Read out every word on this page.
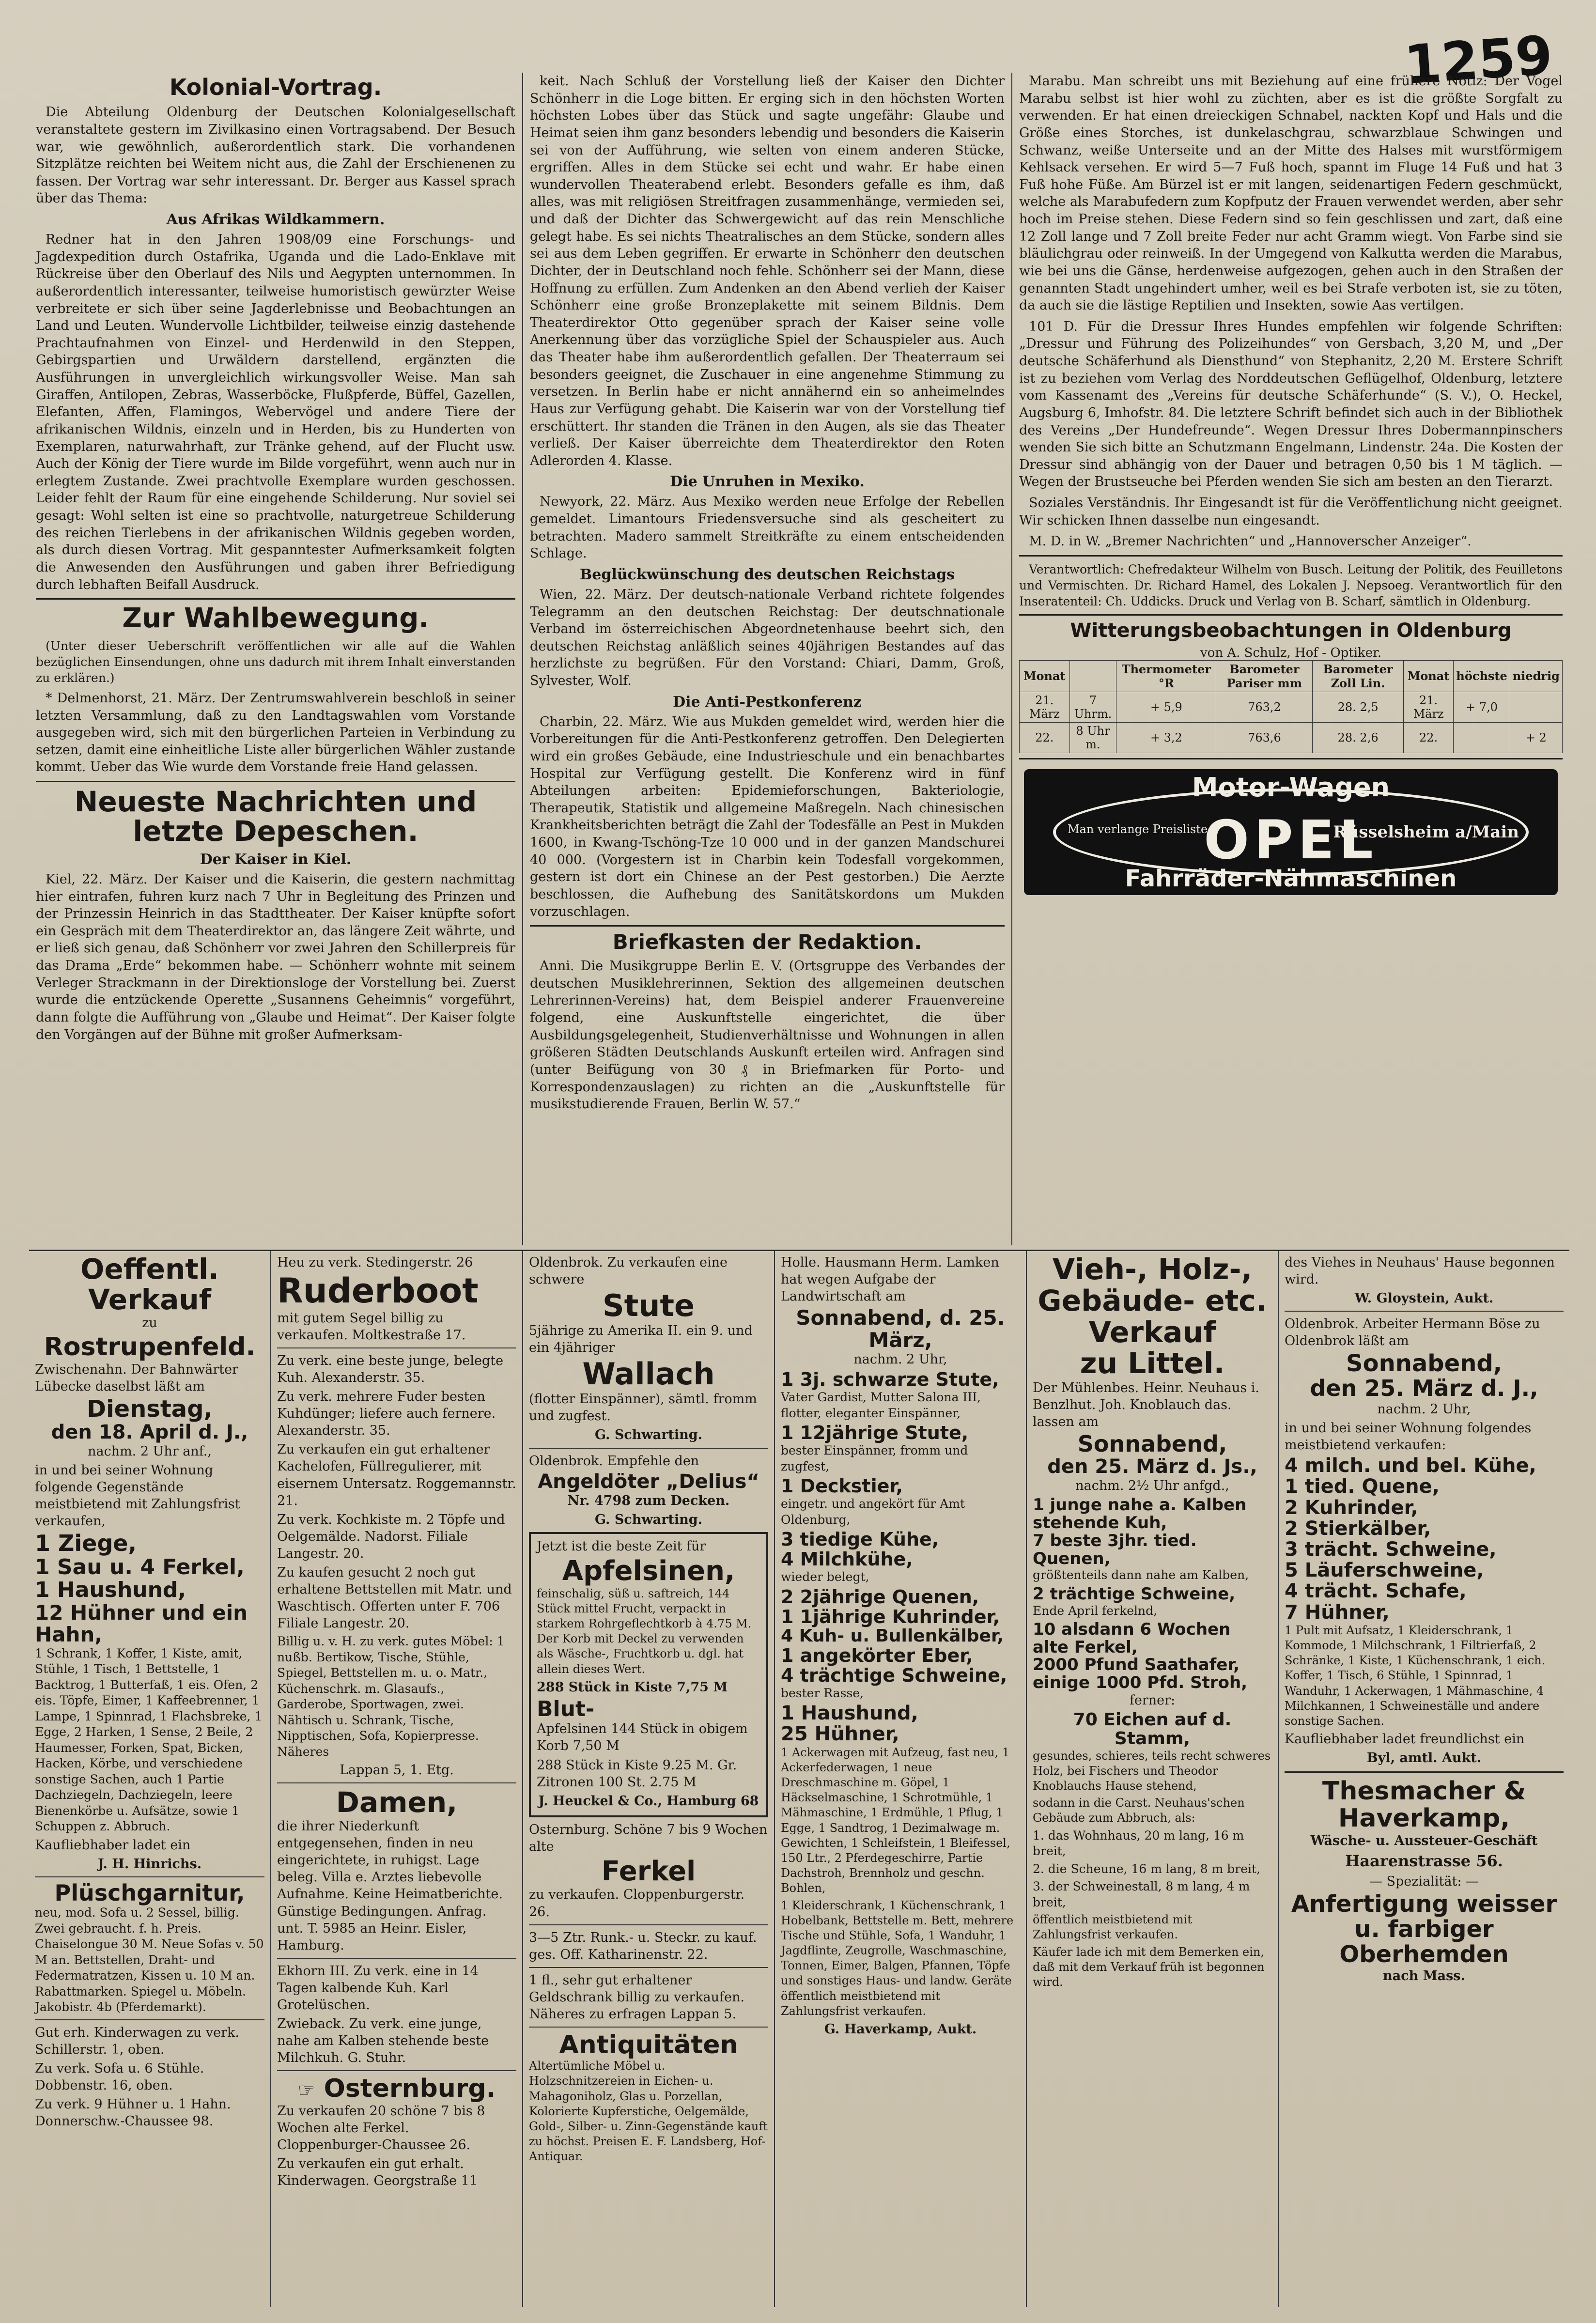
1259
Kolonial-Vortrag.

Die Abteilung Oldenburg der Deutschen Kolonialgesellschaft veranstaltete gestern im Zivilkasino einen Vortragsabend. Der Besuch war, wie gewöhnlich, außerordentlich stark. Die vorhandenen Sitzplätze reichten bei Weitem nicht aus, die Zahl der Erschienenen zu fassen. Der Vortrag war sehr interessant. Dr. Berger aus Kassel sprach über das Thema:

Aus Afrikas Wildkammern.

Redner hat in den Jahren 1908/09 eine Forschungs- und Jagdexpedition durch Ostafrika, Uganda und die Lado-Enklave mit Rückreise über den Oberlauf des Nils und Aegypten unternommen. In außerordentlich interessanter, teilweise humoristisch gewürzter Weise verbreitete er sich über seine Jagderlebnisse und Beobachtungen an Land und Leuten. Wundervolle Lichtbilder, teilweise einzig dastehende Prachtaufnahmen von Einzel- und Herdenwild in den Steppen, Gebirgspartien und Urwäldern darstellend, ergänzten die Ausführungen in unvergleichlich wirkungsvoller Weise. Man sah Giraffen, Antilopen, Zebras, Wasserböcke, Flußpferde, Büffel, Gazellen, Elefanten, Affen, Flamingos, Webervögel und andere Tiere der afrikanischen Wildnis, einzeln und in Herden, bis zu Hunderten von Exemplaren, naturwahrhaft, zur Tränke gehend, auf der Flucht usw. Auch der König der Tiere wurde im Bilde vorgeführt, wenn auch nur in erlegtem Zustande. Zwei prachtvolle Exemplare wurden geschossen. Leider fehlt der Raum für eine eingehende Schilderung. Nur soviel sei gesagt: Wohl selten ist eine so prachtvolle, naturgetreue Schilderung des reichen Tierlebens in der afrikanischen Wildnis gegeben worden, als durch diesen Vortrag. Mit gespanntester Aufmerksamkeit folgten die Anwesenden den Ausführungen und gaben ihrer Befriedigung durch lebhaften Beifall Ausdruck.

Zur Wahlbewegung.

(Unter dieser Ueberschrift veröffentlichen wir alle auf die Wahlen bezüglichen Einsendungen, ohne uns dadurch mit ihrem Inhalt einverstanden zu erklären.)

* Delmenhorst, 21. März. Der Zentrumswahlverein beschloß in seiner letzten Versammlung, daß zu den Landtagswahlen vom Vorstande ausgegeben wird, sich mit den bürgerlichen Parteien in Verbindung zu setzen, damit eine einheitliche Liste aller bürgerlichen Wähler zustande kommt. Ueber das Wie wurde dem Vorstande freie Hand gelassen.

Neueste Nachrichten und letzte Depeschen.
Der Kaiser in Kiel.

Kiel, 22. März. Der Kaiser und die Kaiserin, die gestern nachmittag hier eintrafen, fuhren kurz nach 7 Uhr in Begleitung des Prinzen und der Prinzessin Heinrich in das Stadttheater. Der Kaiser knüpfte sofort ein Gespräch mit dem Theaterdirektor an, das längere Zeit währte, und er ließ sich genau, daß Schönherr vor zwei Jahren den Schillerpreis für das Drama „Erde“ bekommen habe. — Schönherr wohnte mit seinem Verleger Strackmann in der Direktionsloge der Vorstellung bei. Zuerst wurde die entzückende Operette „Susannens Geheimnis“ vorgeführt, dann folgte die Aufführung von „Glaube und Heimat“. Der Kaiser folgte den Vorgängen auf der Bühne mit großer Aufmerksam-

keit. Nach Schluß der Vorstellung ließ der Kaiser den Dichter Schönherr in die Loge bitten. Er erging sich in den höchsten Worten höchsten Lobes über das Stück und sagte ungefähr: Glaube und Heimat seien ihm ganz besonders lebendig und besonders die Kaiserin sei von der Aufführung, wie selten von einem anderen Stücke, ergriffen. Alles in dem Stücke sei echt und wahr. Er habe einen wundervollen Theaterabend erlebt. Besonders gefalle es ihm, daß alles, was mit religiösen Streitfragen zusammenhänge, vermieden sei, und daß der Dichter das Schwergewicht auf das rein Menschliche gelegt habe. Es sei nichts Theatralisches an dem Stücke, sondern alles sei aus dem Leben gegriffen. Er erwarte in Schönherr den deutschen Dichter, der in Deutschland noch fehle. Schönherr sei der Mann, diese Hoffnung zu erfüllen. Zum Andenken an den Abend verlieh der Kaiser Schönherr eine große Bronzeplakette mit seinem Bildnis. Dem Theaterdirektor Otto gegenüber sprach der Kaiser seine volle Anerkennung über das vorzügliche Spiel der Schauspieler aus. Auch das Theater habe ihm außerordentlich gefallen. Der Theaterraum sei besonders geeignet, die Zuschauer in eine angenehme Stimmung zu versetzen. In Berlin habe er nicht annähernd ein so anheimelndes Haus zur Verfügung gehabt. Die Kaiserin war von der Vorstellung tief erschüttert. Ihr standen die Tränen in den Augen, als sie das Theater verließ. Der Kaiser überreichte dem Theaterdirektor den Roten Adlerorden 4. Klasse.

Die Unruhen in Mexiko.

Newyork, 22. März. Aus Mexiko werden neue Erfolge der Rebellen gemeldet. Limantours Friedensversuche sind als gescheitert zu betrachten. Madero sammelt Streitkräfte zu einem entscheidenden Schlage.

Beglückwünschung des deutschen Reichstags

Wien, 22. März. Der deutsch-nationale Verband richtete folgendes Telegramm an den deutschen Reichstag: Der deutschnationale Verband im österreichischen Abgeordnetenhause beehrt sich, den deutschen Reichstag anläßlich seines 40jährigen Bestandes auf das herzlichste zu begrüßen. Für den Vorstand: Chiari, Damm, Groß, Sylvester, Wolf.

Die Anti-Pestkonferenz

Charbin, 22. März. Wie aus Mukden gemeldet wird, werden hier die Vorbereitungen für die Anti-Pestkonferenz getroffen. Den Delegierten wird ein großes Gebäude, eine Industrieschule und ein benachbartes Hospital zur Verfügung gestellt. Die Konferenz wird in fünf Abteilungen arbeiten: Epidemieforschungen, Bakteriologie, Therapeutik, Statistik und allgemeine Maßregeln. Nach chinesischen Krankheitsberichten beträgt die Zahl der Todesfälle an Pest in Mukden 1600, in Kwang-Tschöng-Tze 10 000 und in der ganzen Mandschurei 40 000. (Vorgestern ist in Charbin kein Todesfall vorgekommen, gestern ist dort ein Chinese an der Pest gestorben.) Die Aerzte beschlossen, die Aufhebung des Sanitätskordons um Mukden vorzuschlagen.

Briefkasten der Redaktion.

Anni. Die Musikgruppe Berlin E. V. (Ortsgruppe des Verbandes der deutschen Musiklehrerinnen, Sektion des allgemeinen deutschen Lehrerinnen-Vereins) hat, dem Beispiel anderer Frauenvereine folgend, eine Auskunftstelle eingerichtet, die über Ausbildungsgelegenheit, Studienverhältnisse und Wohnungen in allen größeren Städten Deutschlands Auskunft erteilen wird. Anfragen sind (unter Beifügung von 30 ₰ in Briefmarken für Porto- und Korrespondenzauslagen) zu richten an die „Auskunftstelle für musikstudierende Frauen, Berlin W. 57.“

Marabu. Man schreibt uns mit Beziehung auf eine frühere Notiz: Der Vogel Marabu selbst ist hier wohl zu züchten, aber es ist die größte Sorgfalt zu verwenden. Er hat einen dreieckigen Schnabel, nackten Kopf und Hals und die Größe eines Storches, ist dunkelaschgrau, schwarzblaue Schwingen und Schwanz, weiße Unterseite und an der Mitte des Halses mit wurstförmigem Kehlsack versehen. Er wird 5—7 Fuß hoch, spannt im Fluge 14 Fuß und hat 3 Fuß hohe Füße. Am Bürzel ist er mit langen, seidenartigen Federn geschmückt, welche als Marabufedern zum Kopfputz der Frauen verwendet werden, aber sehr hoch im Preise stehen. Diese Federn sind so fein geschlissen und zart, daß eine 12 Zoll lange und 7 Zoll breite Feder nur acht Gramm wiegt. Von Farbe sind sie bläulichgrau oder reinweiß. In der Umgegend von Kalkutta werden die Marabus, wie bei uns die Gänse, herdenweise aufgezogen, gehen auch in den Straßen der genannten Stadt ungehindert umher, weil es bei Strafe verboten ist, sie zu töten, da auch sie die lästige Reptilien und Insekten, sowie Aas vertilgen.

101 D. Für die Dressur Ihres Hundes empfehlen wir folgende Schriften: „Dressur und Führung des Polizeihundes“ von Gersbach, 3,20 M, und „Der deutsche Schäferhund als Diensthund“ von Stephanitz, 2,20 M. Erstere Schrift ist zu beziehen vom Verlag des Norddeutschen Geflügelhof, Oldenburg, letztere vom Kassenamt des „Vereins für deutsche Schäferhunde“ (S. V.), O. Heckel, Augsburg 6, Imhofstr. 84. Die letztere Schrift befindet sich auch in der Bibliothek des Vereins „Der Hundefreunde“. Wegen Dressur Ihres Dobermannpinschers wenden Sie sich bitte an Schutzmann Engelmann, Lindenstr. 24a. Die Kosten der Dressur sind abhängig von der Dauer und betragen 0,50 bis 1 M täglich. — Wegen der Brustseuche bei Pferden wenden Sie sich am besten an den Tierarzt.

Soziales Verständnis. Ihr Eingesandt ist für die Veröffentlichung nicht geeignet. Wir schicken Ihnen dasselbe nun eingesandt.

M. D. in W. „Bremer Nachrichten“ und „Hannoverscher Anzeiger“.

Verantwortlich: Chefredakteur Wilhelm von Busch. Leitung der Politik, des Feuilletons und Vermischten. Dr. Richard Hamel, des Lokalen J. Nepsoeg. Verantwortlich für den Inseratenteil: Ch. Uddicks. Druck und Verlag von B. Scharf, sämtlich in Oldenburg.

Witterungsbeobachtungen in Oldenburg
von A. Schulz, Hof - Optiker.
Monat		Thermometer °R	Barometer Pariser mm	Barometer Zoll Lin.	Monat	höchste	niedrig
21. März	7 Uhrm.	+ 5,9	763,2	28. 2,5	21. März	+ 7,0	
22.	8 Uhr m.	+ 3,2	763,6	28. 2,6	22.		+ 2
Motor-Wagen
OPEL
Man verlange Preisliste	Rüsselsheim a/Main
Fahrräder-Nähmaschinen
Oeffentl. Verkauf
zu
Rostrupenfeld.
Zwischenahn. Der Bahnwärter Lübecke daselbst läßt am
Dienstag,
den 18. April d. J.,
nachm. 2 Uhr anf.,
in und bei seiner Wohnung folgende Gegenstände meistbietend mit Zahlungsfrist verkaufen,
1 Ziege,
1 Sau u. 4 Ferkel,
1 Haushund,
12 Hühner und ein Hahn,
1 Schrank, 1 Koffer, 1 Kiste, amit, Stühle, 1 Tisch, 1 Bettstelle, 1 Backtrog, 1 Butterfaß, 1 eis. Ofen, 2 eis. Töpfe, Eimer, 1 Kaffeebrenner, 1 Lampe, 1 Spinnrad, 1 Flachsbreke, 1 Egge, 2 Harken, 1 Sense, 2 Beile, 2 Haumesser, Forken, Spat, Bicken, Hacken, Körbe, und verschiedene sonstige Sachen, auch 1 Partie Dachziegeln, Dachziegeln, leere Bienenkörbe u. Aufsätze, sowie 1 Schuppen z. Abbruch.
Kaufliebhaber ladet ein
J. H. Hinrichs.
Plüschgarnitur,
neu, mod. Sofa u. 2 Sessel, billig. Zwei gebraucht. f. h. Preis. Chaiselongue 30 M. Neue Sofas v. 50 M an. Bettstellen, Draht- und Federmatratzen, Kissen u. 10 M an. Rabattmarken. Spiegel u. Möbeln. Jakobistr. 4b (Pferdemarkt).
Gut erh. Kinderwagen zu verk. Schillerstr. 1, oben.
Zu verk. Sofa u. 6 Stühle. Dobbenstr. 16, oben.
Zu verk. 9 Hühner u. 1 Hahn. Donnerschw.-Chaussee 98.
Heu zu verk. Stedingerstr. 26
Ruderboot
mit gutem Segel billig zu verkaufen. Moltkestraße 17.
Zu verk. eine beste junge, belegte Kuh. Alexanderstr. 35.
Zu verk. mehrere Fuder besten Kuhdünger; liefere auch fernere. Alexanderstr. 35.
Zu verkaufen ein gut erhaltener Kachelofen, Füllregulierer, mit eisernem Untersatz. Roggemannstr. 21.
Zu verk. Kochkiste m. 2 Töpfe und Oelgemälde. Nadorst. Filiale Langestr. 20.
Zu kaufen gesucht 2 noch gut erhaltene Bettstellen mit Matr. und Waschtisch. Offerten unter F. 706 Filiale Langestr. 20.
Billig u. v. H. zu verk. gutes Möbel: 1 nußb. Bertikow, Tische, Stühle, Spiegel, Bettstellen m. u. o. Matr., Küchenschrk. m. Glasaufs., Garderobe, Sportwagen, zwei. Nähtisch u. Schrank, Tische, Nipptischen, Sofa, Kopierpresse. Näheres
Lappan 5, 1. Etg.
Damen,
die ihrer Niederkunft entgegensehen, finden in neu eingerichtete, in ruhigst. Lage beleg. Villa e. Arztes liebevolle Aufnahme. Keine Heimatberichte. Günstige Bedingungen. Anfrag. unt. T. 5985 an Heinr. Eisler, Hamburg.
Ekhorn III. Zu verk. eine in 14 Tagen kalbende Kuh. Karl Grotelüschen.
Zwieback. Zu verk. eine junge, nahe am Kalben stehende beste Milchkuh. G. Stuhr.
☞ Osternburg.
Zu verkaufen 20 schöne 7 bis 8 Wochen alte Ferkel. Cloppenburger-Chaussee 26.
Zu verkaufen ein gut erhalt. Kinderwagen. Georgstraße 11
Oldenbrok. Zu verkaufen eine schwere
Stute
5jährige zu Amerika II. ein 9. und ein 4jähriger
Wallach
(flotter Einspänner), sämtl. fromm und zugfest.
G. Schwarting.
Oldenbrok. Empfehle den
Angeldöter „Delius“
Nr. 4798 zum Decken.
G. Schwarting.
Jetzt ist die beste Zeit für
Apfelsinen,
feinschalig, süß u. saftreich, 144 Stück mittel Frucht, verpackt in starkem Rohrgeflechtkorb à 4.75 M. Der Korb mit Deckel zu verwenden als Wäsche-, Fruchtkorb u. dgl. hat allein dieses Wert.
288 Stück in Kiste 7,75 M
Blut-
Apfelsinen 144 Stück in obigem Korb 7,50 M
288 Stück in Kiste 9.25 M. Gr. Zitronen 100 St. 2.75 M
J. Heuckel & Co., Hamburg 68
Osternburg. Schöne 7 bis 9 Wochen alte
Ferkel
zu verkaufen. Cloppenburgerstr. 26.
3—5 Ztr. Runk.- u. Steckr. zu kauf. ges. Off. Katharinenstr. 22.
1 fl., sehr gut erhaltener Geldschrank billig zu verkaufen. Näheres zu erfragen Lappan 5.
Antiquitäten
Altertümliche Möbel u. Holzschnitzereien in Eichen- u. Mahagoniholz, Glas u. Porzellan, Kolorierte Kupferstiche, Oelgemälde, Gold-, Silber- u. Zinn-Gegenstände kauft zu höchst. Preisen E. F. Landsberg, Hof-Antiquar.
Holle. Hausmann Herm. Lamken hat wegen Aufgabe der Landwirtschaft am
Sonnabend, d. 25. März,
nachm. 2 Uhr,
1 3j. schwarze Stute,
Vater Gardist, Mutter Salona III, flotter, eleganter Einspänner,
1 12jährige Stute,
bester Einspänner, fromm und zugfest,
1 Deckstier,
eingetr. und angekört für Amt Oldenburg,
3 tiedige Kühe,
4 Milchkühe,
wieder belegt,
2 2jährige Quenen,
1 1jährige Kuhrinder,
4 Kuh- u. Bullenkälber,
1 angekörter Eber,
4 trächtige Schweine,
bester Rasse,
1 Haushund,
25 Hühner,
1 Ackerwagen mit Aufzeug, fast neu, 1 Ackerfederwagen, 1 neue Dreschmaschine m. Göpel, 1 Häckselmaschine, 1 Schrotmühle, 1 Mähmaschine, 1 Erdmühle, 1 Pflug, 1 Egge, 1 Sandtrog, 1 Dezimalwage m. Gewichten, 1 Schleifstein, 1 Bleifessel, 150 Ltr., 2 Pferdegeschirre, Partie Dachstroh, Brennholz und geschn. Bohlen,
1 Kleiderschrank, 1 Küchenschrank, 1 Hobelbank, Bettstelle m. Bett, mehrere Tische und Stühle, Sofa, 1 Wanduhr, 1 Jagdflinte, Zeugrolle, Waschmaschine, Tonnen, Eimer, Balgen, Pfannen, Töpfe und sonstiges Haus- und landw. Geräte öffentlich meistbietend mit Zahlungsfrist verkaufen.
G. Haverkamp, Aukt.
Vieh-, Holz-, Gebäude- etc.
Verkauf
zu Littel.
Der Mühlenbes. Heinr. Neuhaus i. Benzlhut. Joh. Knoblauch das. lassen am
Sonnabend,
den 25. März d. Js.,
nachm. 2½ Uhr anfgd.,
1 junge nahe a. Kalben stehende Kuh,
7 beste 3jhr. tied. Quenen,
größtenteils dann nahe am Kalben,
2 trächtige Schweine,
Ende April ferkelnd,
10 alsdann 6 Wochen alte Ferkel,
2000 Pfund Saathafer, einige 1000 Pfd. Stroh,
ferner:
70 Eichen auf d. Stamm,
gesundes, schieres, teils recht schweres Holz, bei Fischers und Theodor Knoblauchs Hause stehend,
sodann in die Carst. Neuhaus'schen Gebäude zum Abbruch, als:
1. das Wohnhaus, 20 m lang, 16 m breit,
2. die Scheune, 16 m lang, 8 m breit,
3. der Schweinestall, 8 m lang, 4 m breit,
öffentlich meistbietend mit Zahlungsfrist verkaufen.
Käufer lade ich mit dem Bemerken ein, daß mit dem Verkauf früh ist begonnen wird.
des Viehes in Neuhaus' Hause begonnen wird.
W. Gloystein, Aukt.
Oldenbrok. Arbeiter Hermann Böse zu Oldenbrok läßt am
Sonnabend,
den 25. März d. J.,
nachm. 2 Uhr,
in und bei seiner Wohnung folgendes meistbietend verkaufen:
4 milch. und bel. Kühe,
1 tied. Quene,
2 Kuhrinder,
2 Stierkälber,
3 trächt. Schweine,
5 Läuferschweine,
4 trächt. Schafe,
7 Hühner,
1 Pult mit Aufsatz, 1 Kleiderschrank, 1 Kommode, 1 Milchschrank, 1 Filtrierfaß, 2 Schränke, 1 Kiste, 1 Küchenschrank, 1 eich. Koffer, 1 Tisch, 6 Stühle, 1 Spinnrad, 1 Wanduhr, 1 Ackerwagen, 1 Mähmaschine, 4 Milchkannen, 1 Schweineställe und andere sonstige Sachen.
Kaufliebhaber ladet freundlichst ein
Byl, amtl. Aukt.
Thesmacher & Haverkamp,
Wäsche- u. Aussteuer-Geschäft
Haarenstrasse 56.
— Spezialität: —
Anfertigung weisser u. farbiger Oberhemden
nach Mass.
